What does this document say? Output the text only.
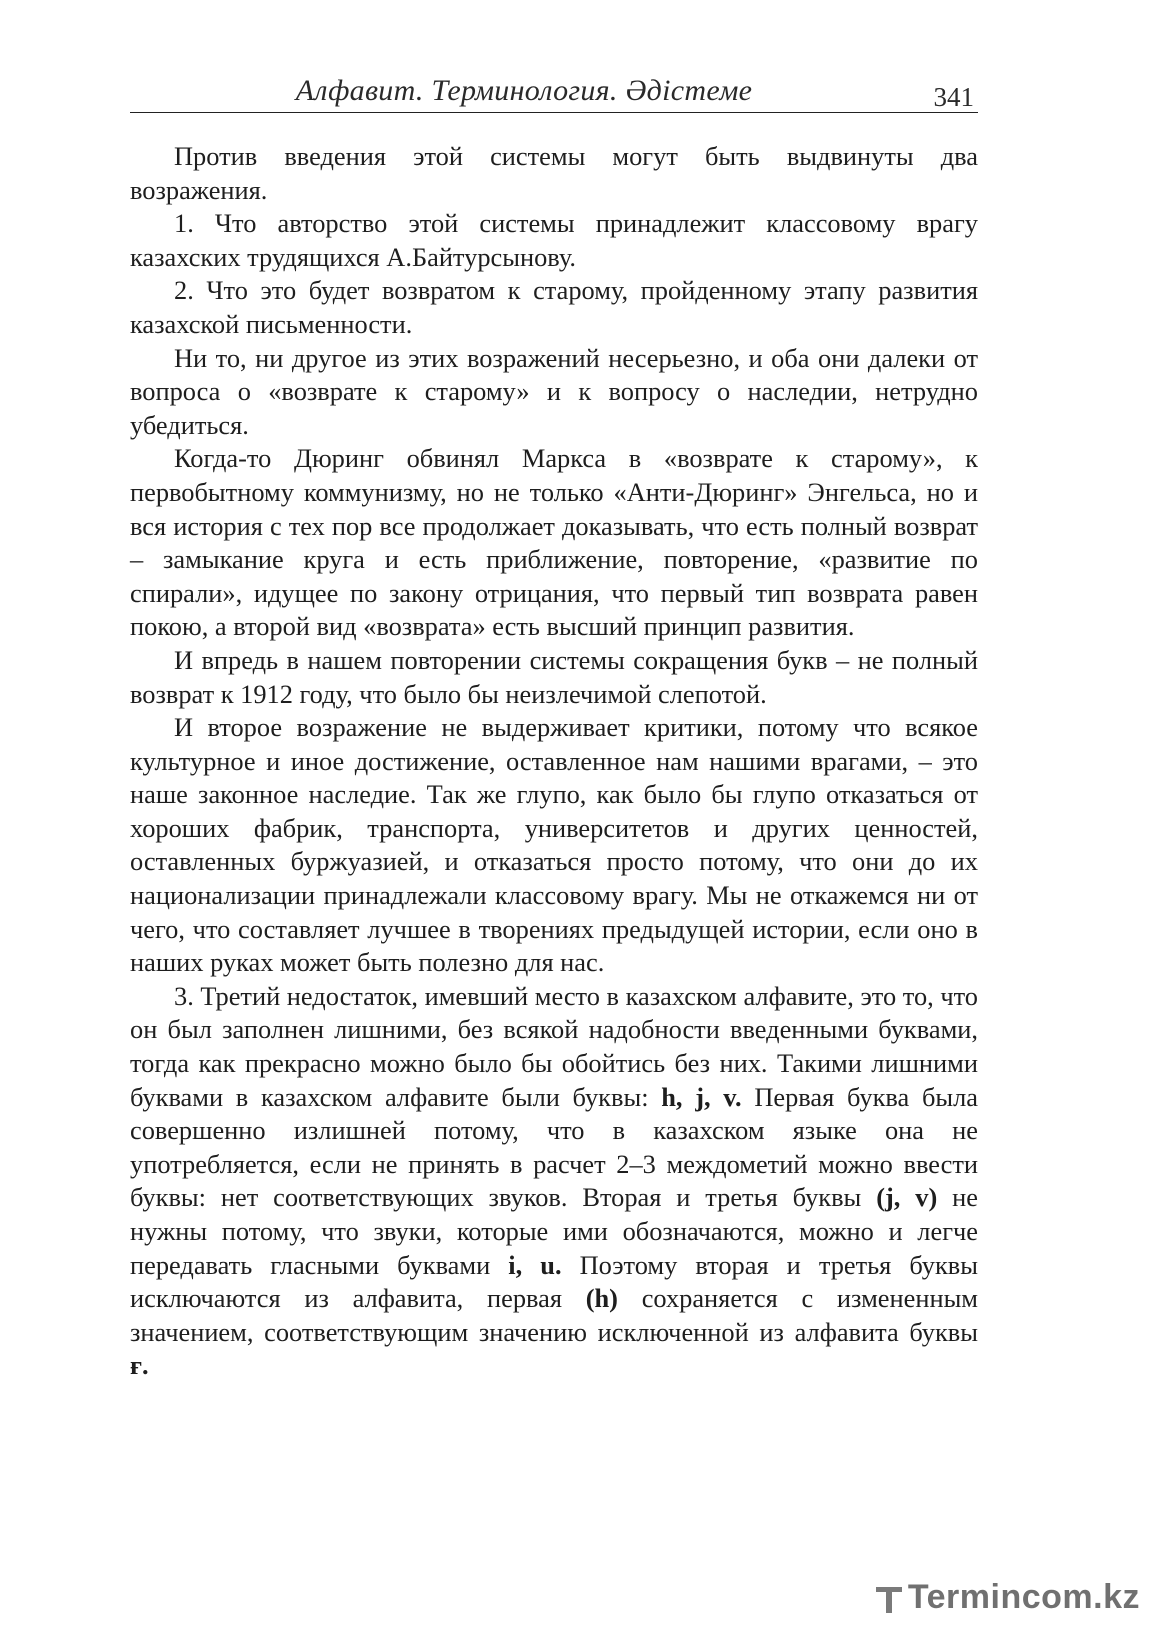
Алфавит. Терминология. Әдістеме	341

Против введения этой системы могут быть выдвинуты два возражения.

1. Что авторство этой системы принадлежит классовому врагу казахских трудящихся А.Байтурсынову.

2. Что это будет возвратом к старому, пройденному этапу развития казахской письменности.

Ни то, ни другое из этих возражений несерьезно, и оба они далеки от вопроса о «возврате к старому» и к вопросу о наследии, нетрудно убедиться.

Когда-то Дюринг обвинял Маркса в «возврате к старому», к первобытному коммунизму, но не только «Анти-Дюринг» Энгельса, но и вся история с тех пор все продолжает доказывать, что есть полный возврат – замыкание круга и есть приближение, повторение, «развитие по спирали», идущее по закону отрицания, что первый тип возврата равен покою, а второй вид «возврата» есть высший принцип развития.

И впредь в нашем повторении системы сокращения букв – не полный возврат к 1912 году, что было бы неизлечимой слепотой.

И второе возражение не выдерживает критики, потому что всякое культурное и иное достижение, оставленное нам нашими врагами, – это наше законное наследие. Так же глупо, как было бы глупо отказаться от хороших фабрик, транспорта, университетов и других ценностей, оставленных буржуазией, и отказаться просто потому, что они до их национализации принадлежали классовому врагу. Мы не откажемся ни от чего, что составляет лучшее в творениях предыдущей истории, если оно в наших руках может быть полезно для нас.

3. Третий недостаток, имевший место в казахском алфавите, это то, что он был заполнен лишними, без всякой надобности введенными буквами, тогда как прекрасно можно было бы обойтись без них. Такими лишними буквами в казахском алфавите были буквы: h, j, v. Первая буква была совершенно излишней потому, что в казахском языке она не употребляется, если не принять в расчет 2–3 междометий можно ввести буквы: нет соответствующих звуков. Вторая и третья буквы (j, v) не нужны потому, что звуки, которые ими обозначаются, можно и легче передавать гласными буквами i, u. Поэтому вторая и третья буквы исключаются из алфавита, первая (h) сохраняется с измененным значением, соответствующим значению исключенной из алфавита буквы ғ.

Termincom.kz
